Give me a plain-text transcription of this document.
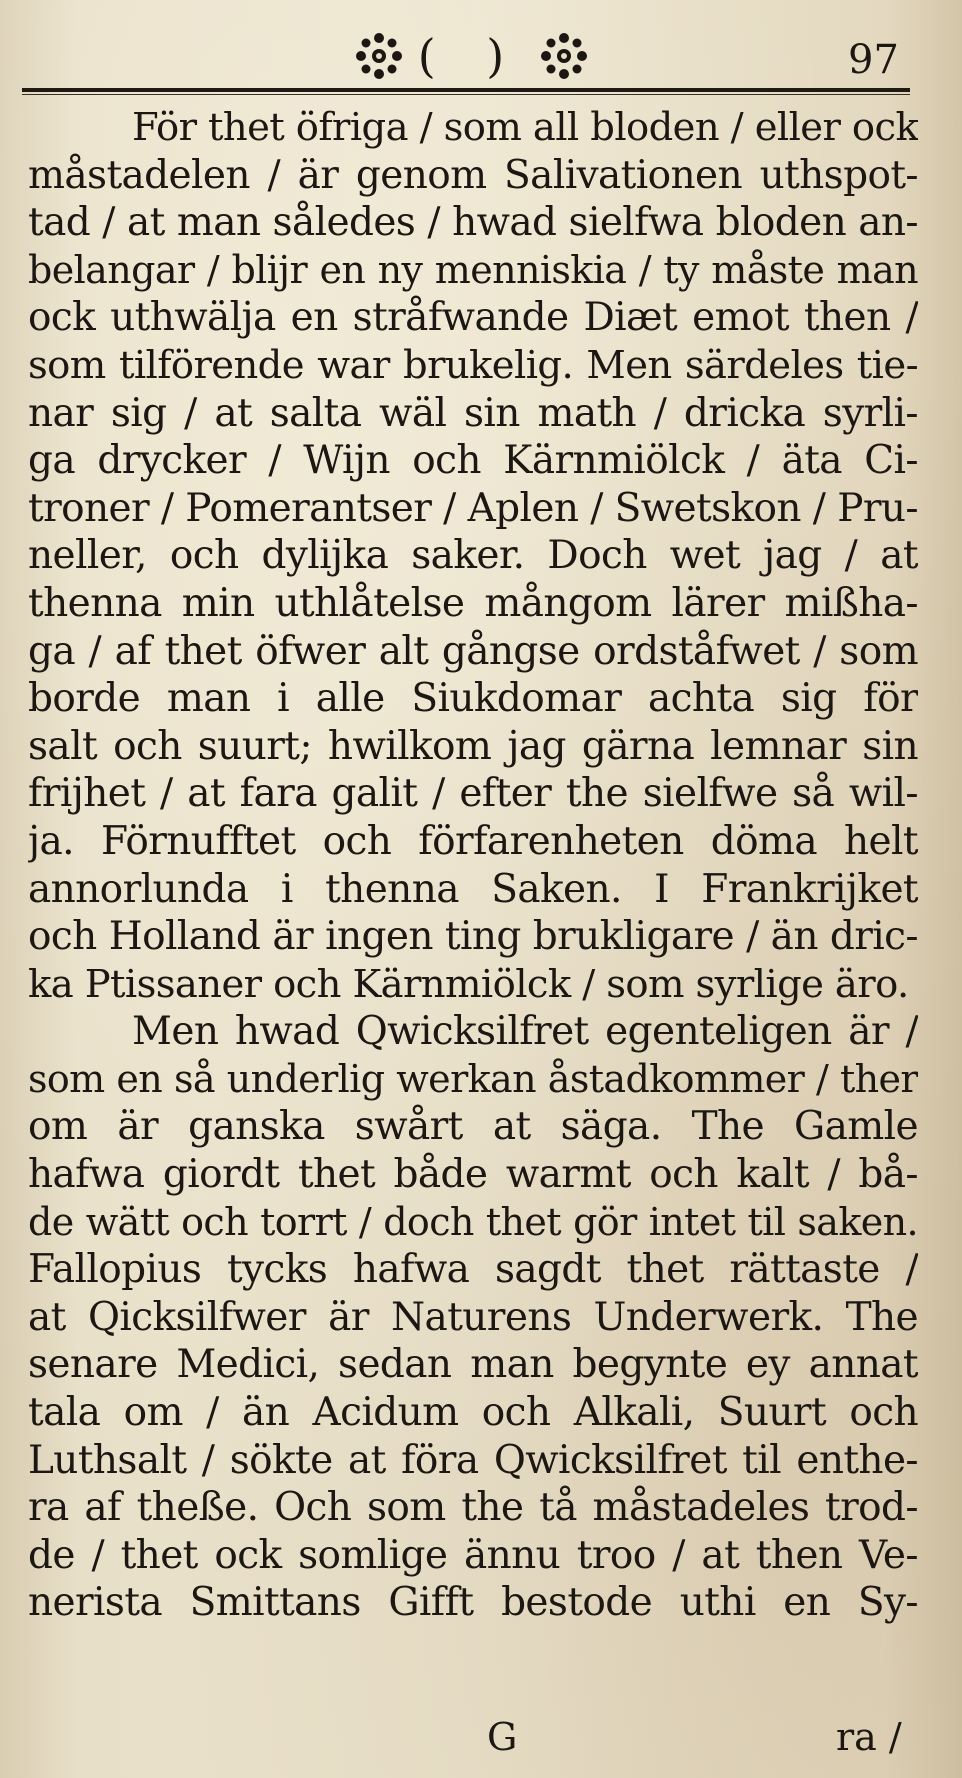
( )	97
För thet öfriga / som all bloden / eller ock
måstadelen / är genom Salivationen uthspot-
tad / at man således / hwad sielfwa bloden an-
belangar / blijr en ny menniskia / ty måste man
ock uthwälja en stråfwande Diæt emot then /
som tilförende war brukelig. Men särdeles tie-
nar sig / at salta wäl sin math / dricka syrli-
ga drycker / Wijn och Kärnmiölck / äta Ci-
troner / Pomerantser / Aplen / Swetskon / Pru-
neller, och dylijka saker. Doch wet jag / at
thenna min uthlåtelse mångom lärer mißha-
ga / af thet öfwer alt gångse ordståfwet / som
borde man i alle Siukdomar achta sig för
salt och suurt; hwilkom jag gärna lemnar sin
frijhet / at fara galit / efter the sielfwe så wil-
ja. Förnufftet och förfarenheten döma helt
annorlunda i thenna Saken. I Frankrijket
och Holland är ingen ting brukligare / än dric-
ka Ptissaner och Kärnmiölck / som syrlige äro.
Men hwad Qwicksilfret egenteligen är /
som en så underlig werkan åstadkommer / ther
om är ganska swårt at säga. The Gamle
hafwa giordt thet både warmt och kalt / bå-
de wätt och torrt / doch thet gör intet til saken.
Fallopius tycks hafwa sagdt thet rättaste /
at Qicksilfwer är Naturens Underwerk. The
senare Medici, sedan man begynte ey annat
tala om / än Acidum och Alkali, Suurt och
Luthsalt / sökte at föra Qwicksilfret til enthe-
ra af theße. Och som the tå måstadeles trod-
de / thet ock somlige ännu troo / at then Ve-
nerista Smittans Gifft bestode uthi en Sy-
G	ra /
